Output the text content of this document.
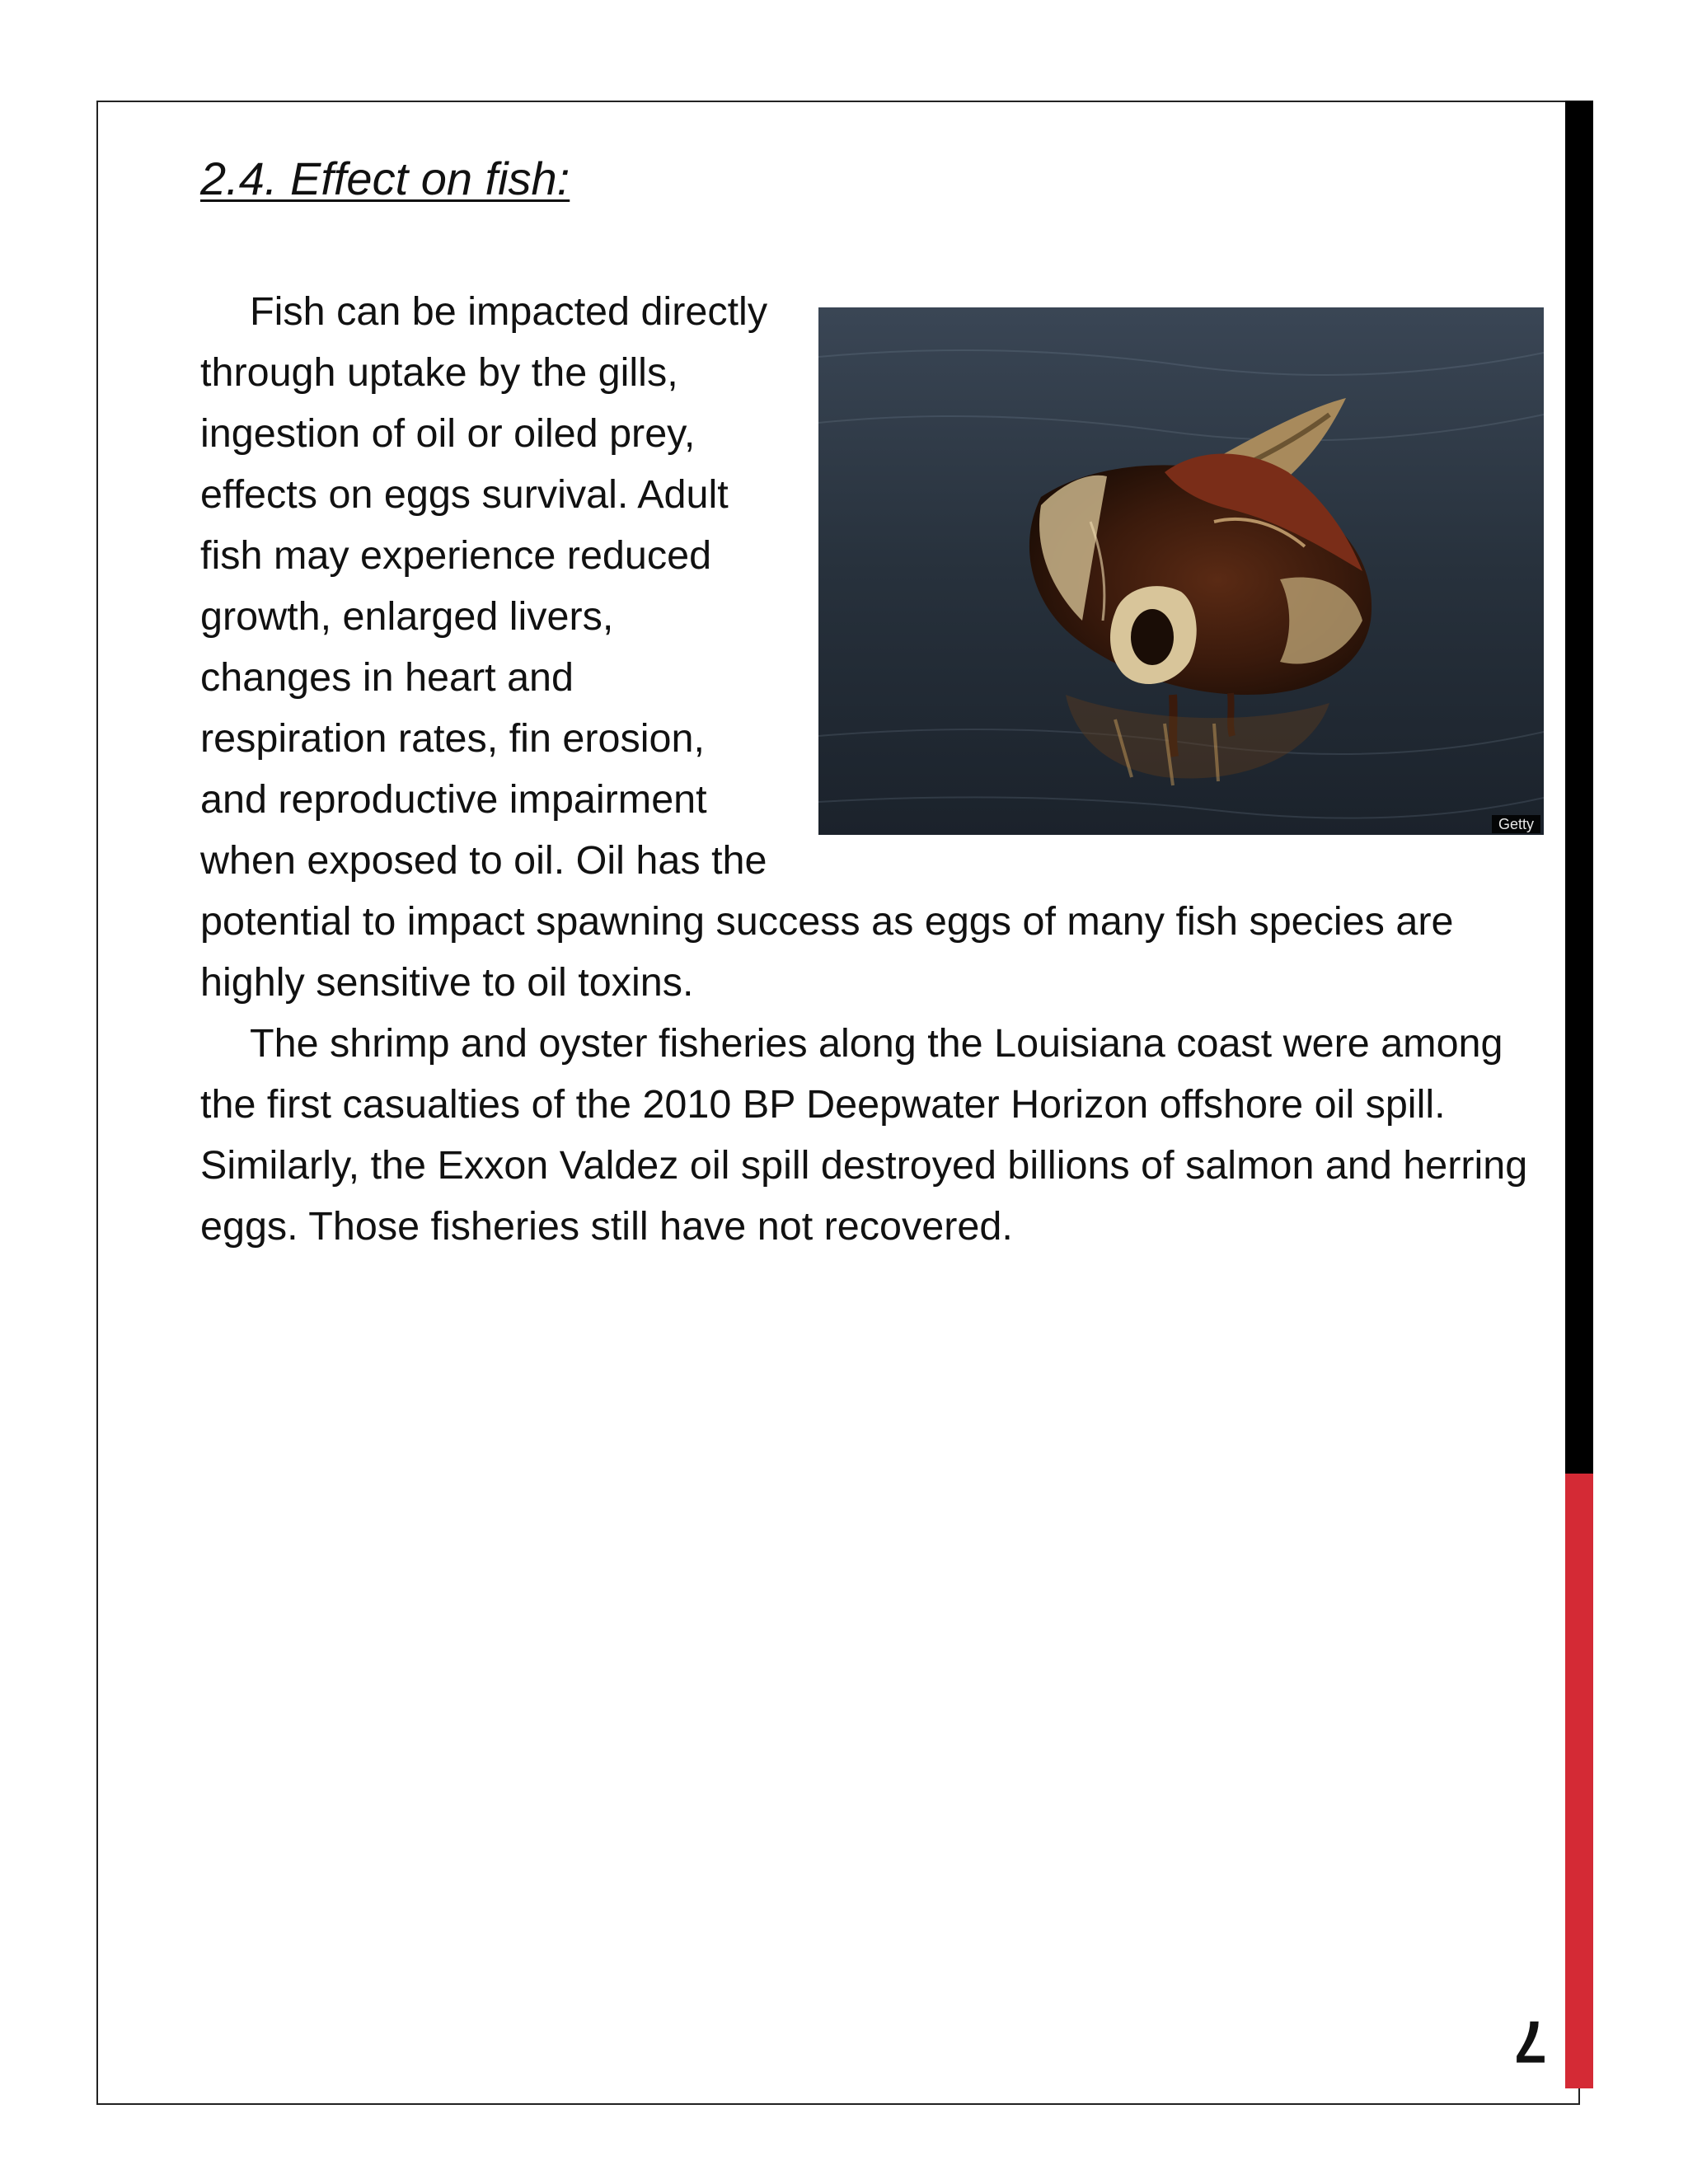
2.4. Effect on fish:
Getty

Fish can be impacted directly through uptake by the gills, ingestion of oil or oiled prey, effects on eggs survival. Adult fish may experience reduced growth, enlarged livers, changes in heart and respiration rates, fin erosion, and reproductive impairment when exposed to oil. Oil has the potential to impact spawning success as eggs of many fish species are highly sensitive to oil toxins.

The shrimp and oyster fisheries along the Louisiana coast were among the first casualties of the 2010 BP Deepwater Horizon offshore oil spill. Similarly, the Exxon Valdez oil spill destroyed billions of salmon and herring eggs. Those fisheries still have not recovered.

7
